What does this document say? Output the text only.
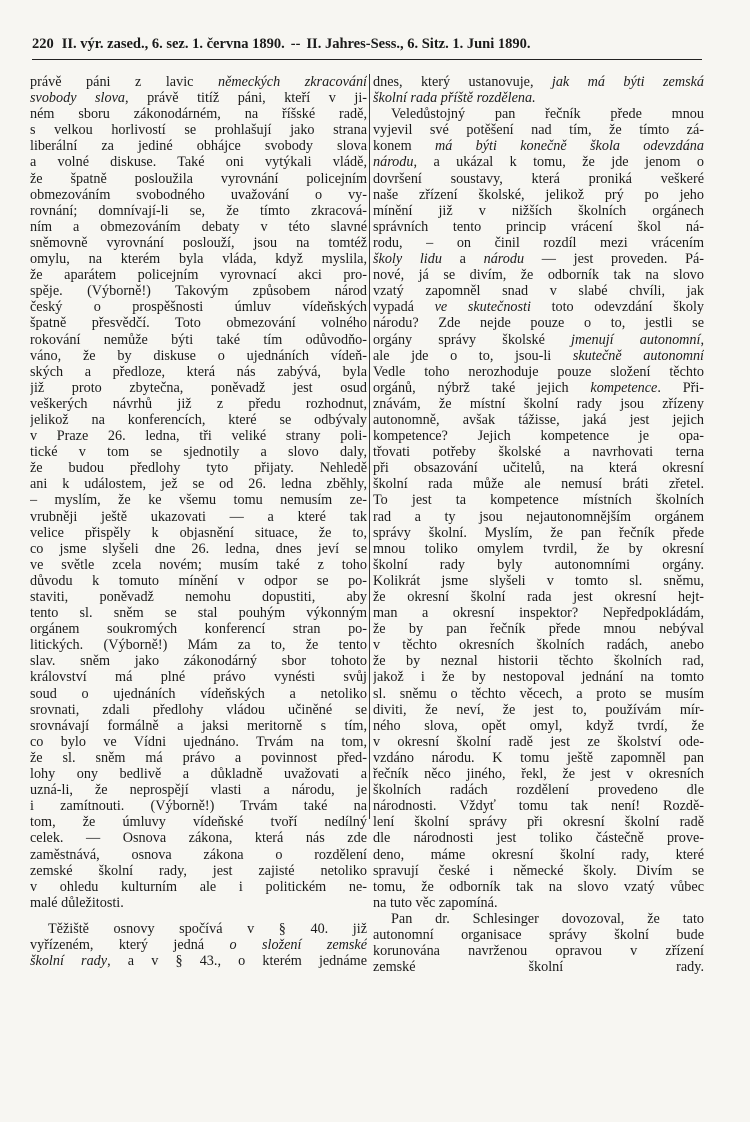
220 II. výr. zased., 6. sez. 1. června 1890. -- II. Jahres-Sess., 6. Sitz. 1. Juni 1890.
právě páni z lavic německých zkracování
svobody slova, právě titíž páni, kteří v ji-
ném sboru zákonodárném, na říšské radě,
s velkou horlivostí se prohlašují jako strana
liberální za jediné obhájce svobody slova
a volné diskuse. Také oni vytýkali vládě,
že špatně posloužila vyrovnání policejním
obmezováním svobodného uvažování o vy-
rovnání; domnívají-li se, že tímto zkracová-
ním a obmezováním debaty v této slavné
sněmovně vyrovnání poslouží, jsou na tomtéž
omylu, na kterém byla vláda, když myslila,
že aparátem policejním vyrovnací akci pro-
spěje. (Výborně!) Takovým způsobem národ
český o prospěšnosti úmluv vídeňských
špatně přesvědčí. Toto obmezování volného
rokování nemůže býti také tím odůvodňo-
váno, že by diskuse o ujednáních vídeň-
ských a předloze, která nás zabývá, byla
již proto zbytečna, poněvadž jest osud
veškerých návrhů již z předu rozhodnut,
jelikož na konferencích, které se odbývaly
v Praze 26. ledna, tři veliké strany poli-
tické v tom se sjednotily a slovo daly,
že budou předlohy tyto přijaty. Nehledě
ani k událostem, jež se od 26. ledna zběhly,
– myslím, že ke všemu tomu nemusím ze-
vrubněji ještě ukazovati — a které tak
velice přispěly k objasnění situace, že to,
co jsme slyšeli dne 26. ledna, dnes jeví se
ve světle zcela novém; musím také z toho
důvodu k tomuto mínění v odpor se po-
staviti, poněvadž nemohu dopustiti, aby
tento sl. sněm se stal pouhým výkonným
orgánem soukromých konferencí stran po-
litických. (Výborně!) Mám za to, že tento
slav. sněm jako zákonodárný sbor tohoto
království má plné právo vynésti svůj
soud o ujednáních vídeňských a netoliko
srovnati, zdali předlohy vládou učiněné se
srovnávají formálně a jaksi meritorně s tím,
co bylo ve Vídni ujednáno. Trvám na tom,
že sl. sněm má právo a povinnost před-
lohy ony bedlivě a důkladně uvažovati a
uzná-li, že neprospějí vlasti a národu, je
i zamítnouti. (Výborně!) Trvám také na
tom, že úmluvy vídeňské tvoří nedílný
celek. — Osnova zákona, která nás zde
zaměstnává, osnova zákona o rozdělení
zemské školní rady, jest zajisté netoliko
v ohledu kulturním ale i politickém ne-
malé důležitosti.
Těžiště osnovy spočívá v § 40. již
vyřízeném, který jedná o složení zemské
školní rady, a v § 43., o kterém jednáme
dnes, který ustanovuje, jak má býti zemská
školní rada příště rozdělena.
Veledůstojný pan řečník přede mnou
vyjevil své potěšení nad tím, že tímto zá-
konem má býti konečně škola odevzdána
národu, a ukázal k tomu, že jde jenom o
dovršení soustavy, která proniká veškeré
naše zřízení školské, jelikož prý po jeho
mínění již v nižších školních orgánech
správních tento princip vrácení škol ná-
rodu, – on činil rozdíl mezi vrácením
školy lidu a národu — jest proveden. Pá-
nové, já se divím, že odborník tak na slovo
vzatý zapomněl snad v slabé chvíli, jak
vypadá ve skutečnosti toto odevzdání školy
národu? Zde nejde pouze o to, jestli se
orgány správy školské jmenují autonomní,
ale jde o to, jsou-li skutečně autonomní
Vedle toho nerozhoduje pouze složení těchto
orgánů, nýbrž také jejich kompetence. Při-
znávám, že místní školní rady jsou zřízeny
autonomně, avšak tážisse, jaká jest jejich
kompetence? Jejich kompetence je opa-
třovati potřeby školské a navrhovati terna
při obsazování učitelů, na která okresní
školní rada může ale nemusí bráti zřetel.
To jest ta kompetence místních školních
rad a ty jsou nejautonomnějším orgánem
správy školní. Myslím, že pan řečník přede
mnou toliko omylem tvrdil, že by okresní
školní rady byly autonomními orgány.
Kolikrát jsme slyšeli v tomto sl. sněmu,
že okresní školní rada jest okresní hejt-
man a okresní inspektor? Nepředpokládám,
že by pan řečník přede mnou nebýval
v těchto okresních školních radách, anebo
že by neznal historii těchto školních rad,
jakož i že by nestopoval jednání na tomto
sl. sněmu o těchto věcech, a proto se musím
diviti, že neví, že jest to, používám mír-
ného slova, opět omyl, když tvrdí, že
v okresní školní radě jest ze školství ode-
vzdáno národu. K tomu ještě zapomněl pan
řečník něco jiného, řekl, že jest v okresních
školních radách rozdělení provedeno dle
národnosti. Vždyť tomu tak není! Rozdě-
lení školní správy při okresní školní radě
dle národnosti jest toliko částečně prove-
deno, máme okresní školní rady, které
spravují české i německé školy. Divím se
tomu, že odborník tak na slovo vzatý vůbec
na tuto věc zapomíná.
Pan dr. Schlesinger dovozoval, že tato
autonomní organisace správy školní bude
korunována navrženou opravou v zřízení
zemské školní rady.
